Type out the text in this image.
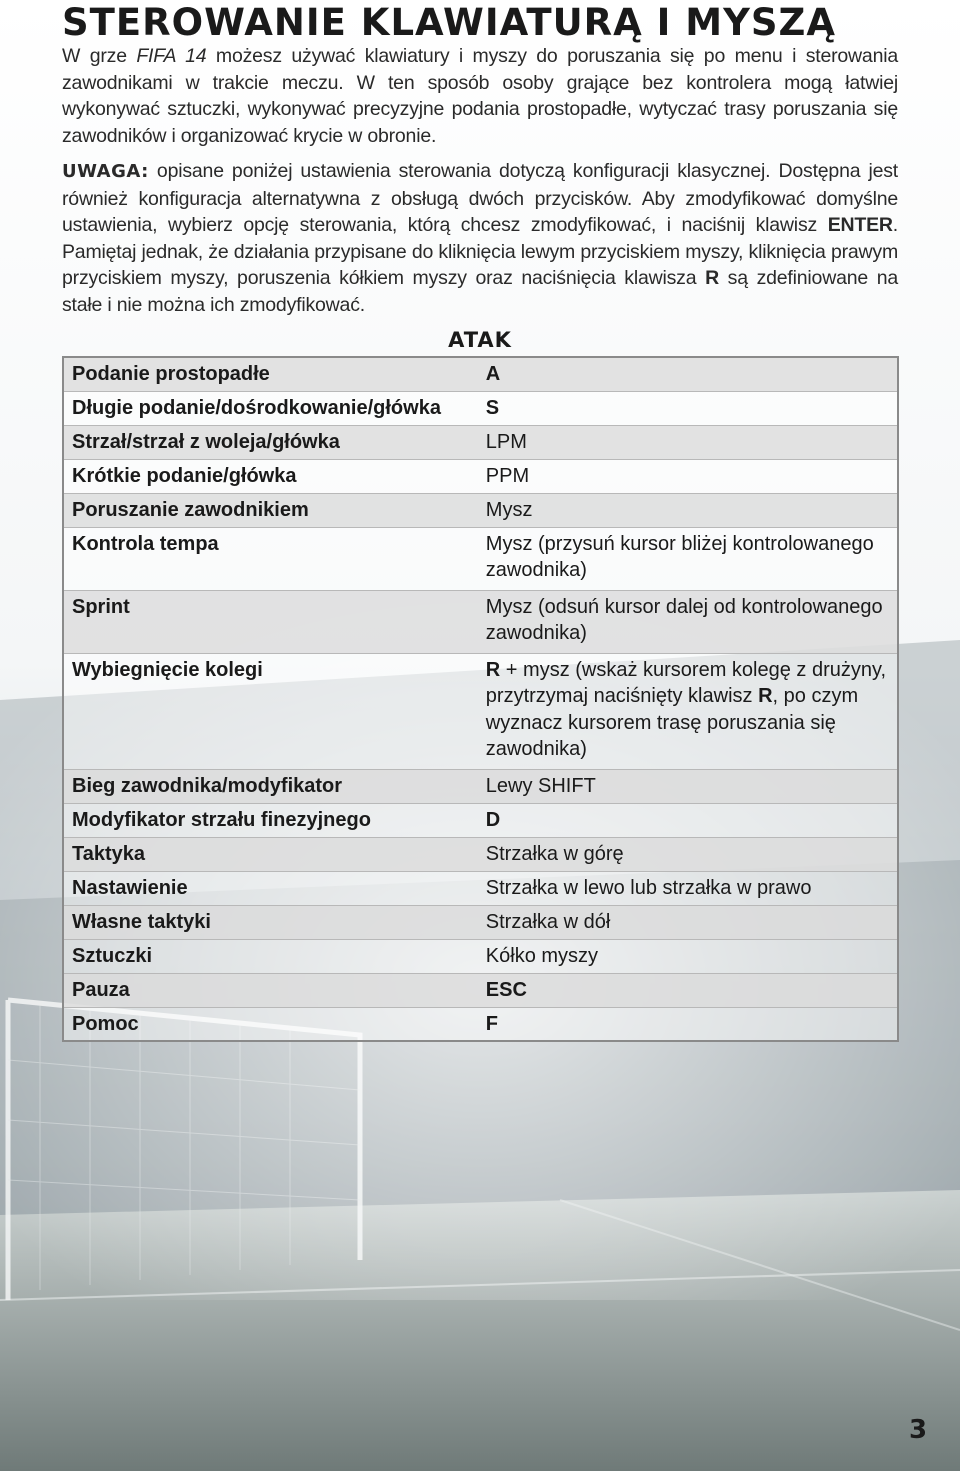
STEROWANIE KLAWIATURĄ I MYSZĄ

W grze FIFA 14 możesz używać klawiatury i myszy do poruszania się po menu i sterowania zawodnikami w trakcie meczu. W ten sposób osoby grające bez kontrolera mogą łatwiej wykonywać sztuczki, wykonywać precyzyjne podania prostopadłe, wytyczać trasy poruszania się zawodników i organizować krycie w obronie.

UWAGA: opisane poniżej ustawienia sterowania dotyczą konfiguracji klasycznej. Dostępna jest również konfiguracja alternatywna z obsługą dwóch przycisków. Aby zmodyfikować domyślne ustawienia, wybierz opcję sterowania, którą chcesz zmodyfikować, i naciśnij klawisz ENTER. Pamiętaj jednak, że działania przypisane do kliknięcia lewym przyciskiem myszy, kliknięcia prawym przyciskiem myszy, poruszenia kółkiem myszy oraz naciśnięcia klawisza R są zdefiniowane na stałe i nie można ich zmodyfikować.

ATAK
Podanie prostopadłe	A
Długie podanie/dośrodkowanie/główka	S
Strzał/strzał z woleja/główka	LPM
Krótkie podanie/główka	PPM
Poruszanie zawodnikiem	Mysz
Kontrola tempa	Mysz (przysuń kursor bliżej kontrolowanego zawodnika)
Sprint	Mysz (odsuń kursor dalej od kontrolowanego zawodnika)
Wybiegnięcie kolegi	R + mysz (wskaż kursorem kolegę z drużyny, przytrzymaj naciśnięty klawisz R, po czym wyznacz kursorem trasę poruszania się zawodnika)
Bieg zawodnika/modyfikator	Lewy SHIFT
Modyfikator strzału finezyjnego	D
Taktyka	Strzałka w górę
Nastawienie	Strzałka w lewo lub strzałka w prawo
Własne taktyki	Strzałka w dół
Sztuczki	Kółko myszy
Pauza	ESC
Pomoc	F
3
